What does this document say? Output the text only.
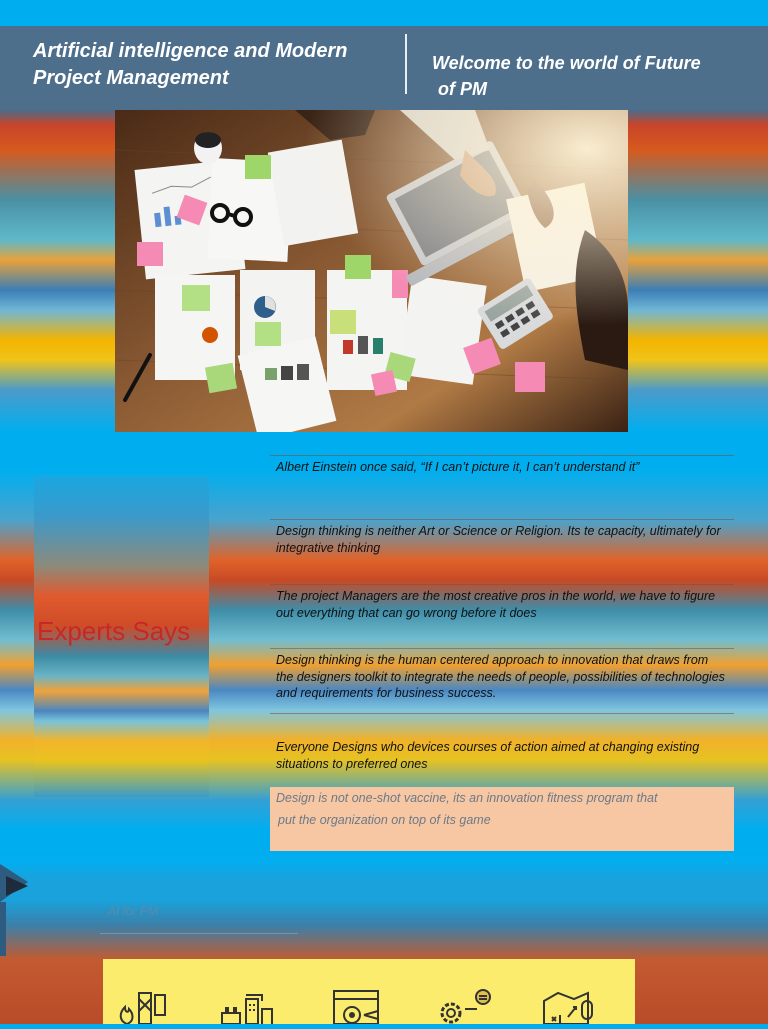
Artificial intelligence and Modern Project Management
Welcome to the world of Future
of PM
Experts Says
Albert Einstein once said, “If I can’t picture it, I can’t understand it”
Design thinking is neither Art or Science or Religion. Its te capacity, ultimately for integrative thinking
The project Managers are the most creative pros in the world, we have to figure out everything that can go wrong before it does
Design thinking is the human centered approach to innovation that draws from the designers toolkit to integrate the needs of people, possibilities of technologies and requirements for business success.
Everyone Designs who devices courses of action aimed at changing existing situations to preferred ones
Design is not one-shot vaccine, its an innovation fitness program that
put the organization on top of its game
AI for PM
